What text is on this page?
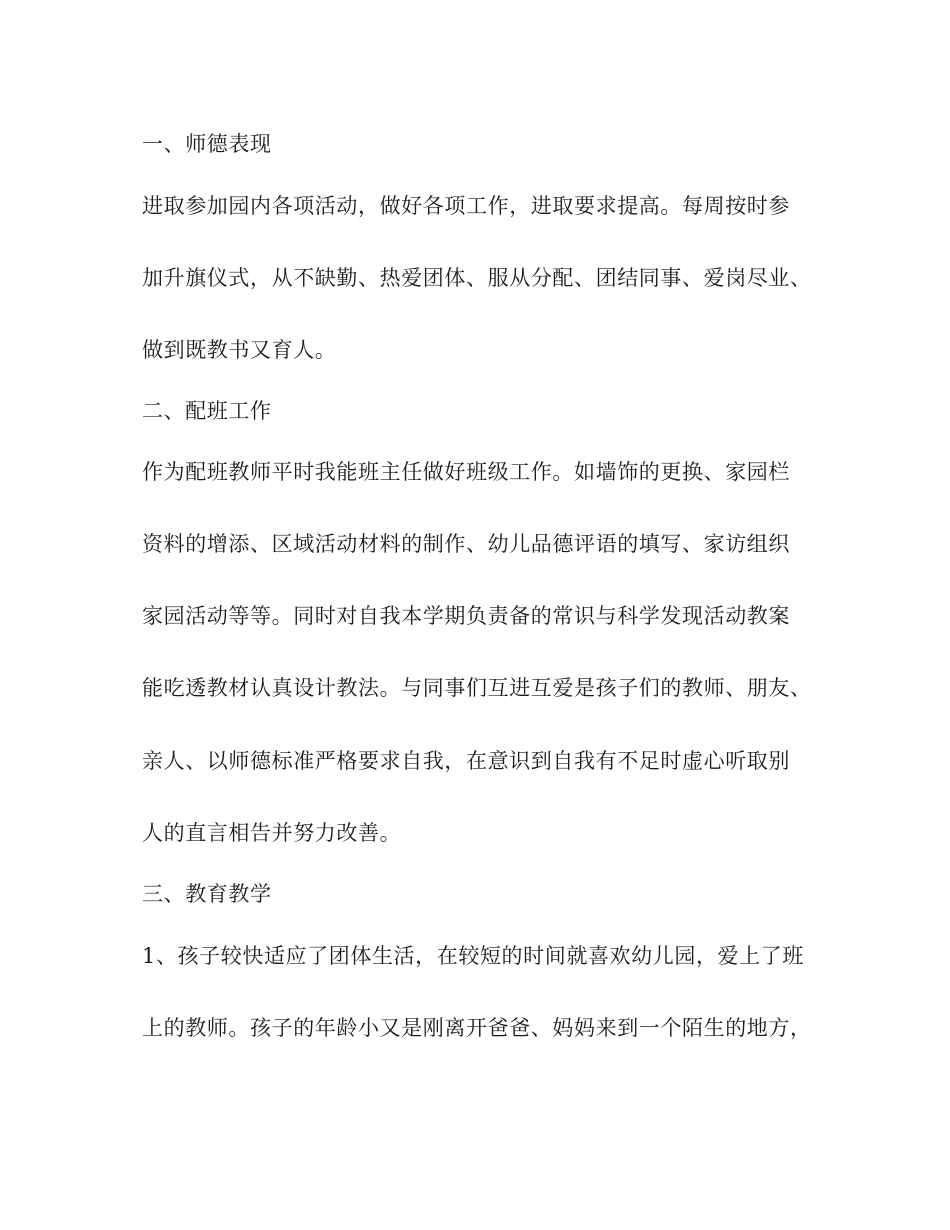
一、师德表现
进取参加园内各项活动，做好各项工作，进取要求提高。每周按时参
加升旗仪式，从不缺勤、热爱团体、服从分配、团结同事、爱岗尽业、
做到既教书又育人。
二、配班工作
作为配班教师平时我能班主任做好班级工作。如墙饰的更换、家园栏
资料的增添、区域活动材料的制作、幼儿品德评语的填写、家访组织
家园活动等等。同时对自我本学期负责备的常识与科学发现活动教案
能吃透教材认真设计教法。与同事们互进互爱是孩子们的教师、朋友、
亲人、以师德标准严格要求自我，在意识到自我有不足时虚心听取别
人的直言相告并努力改善。
三、教育教学
1、孩子较快适应了团体生活，在较短的时间就喜欢幼儿园，爱上了班
上的教师。孩子的年龄小又是刚离开爸爸、妈妈来到一个陌生的地方，
